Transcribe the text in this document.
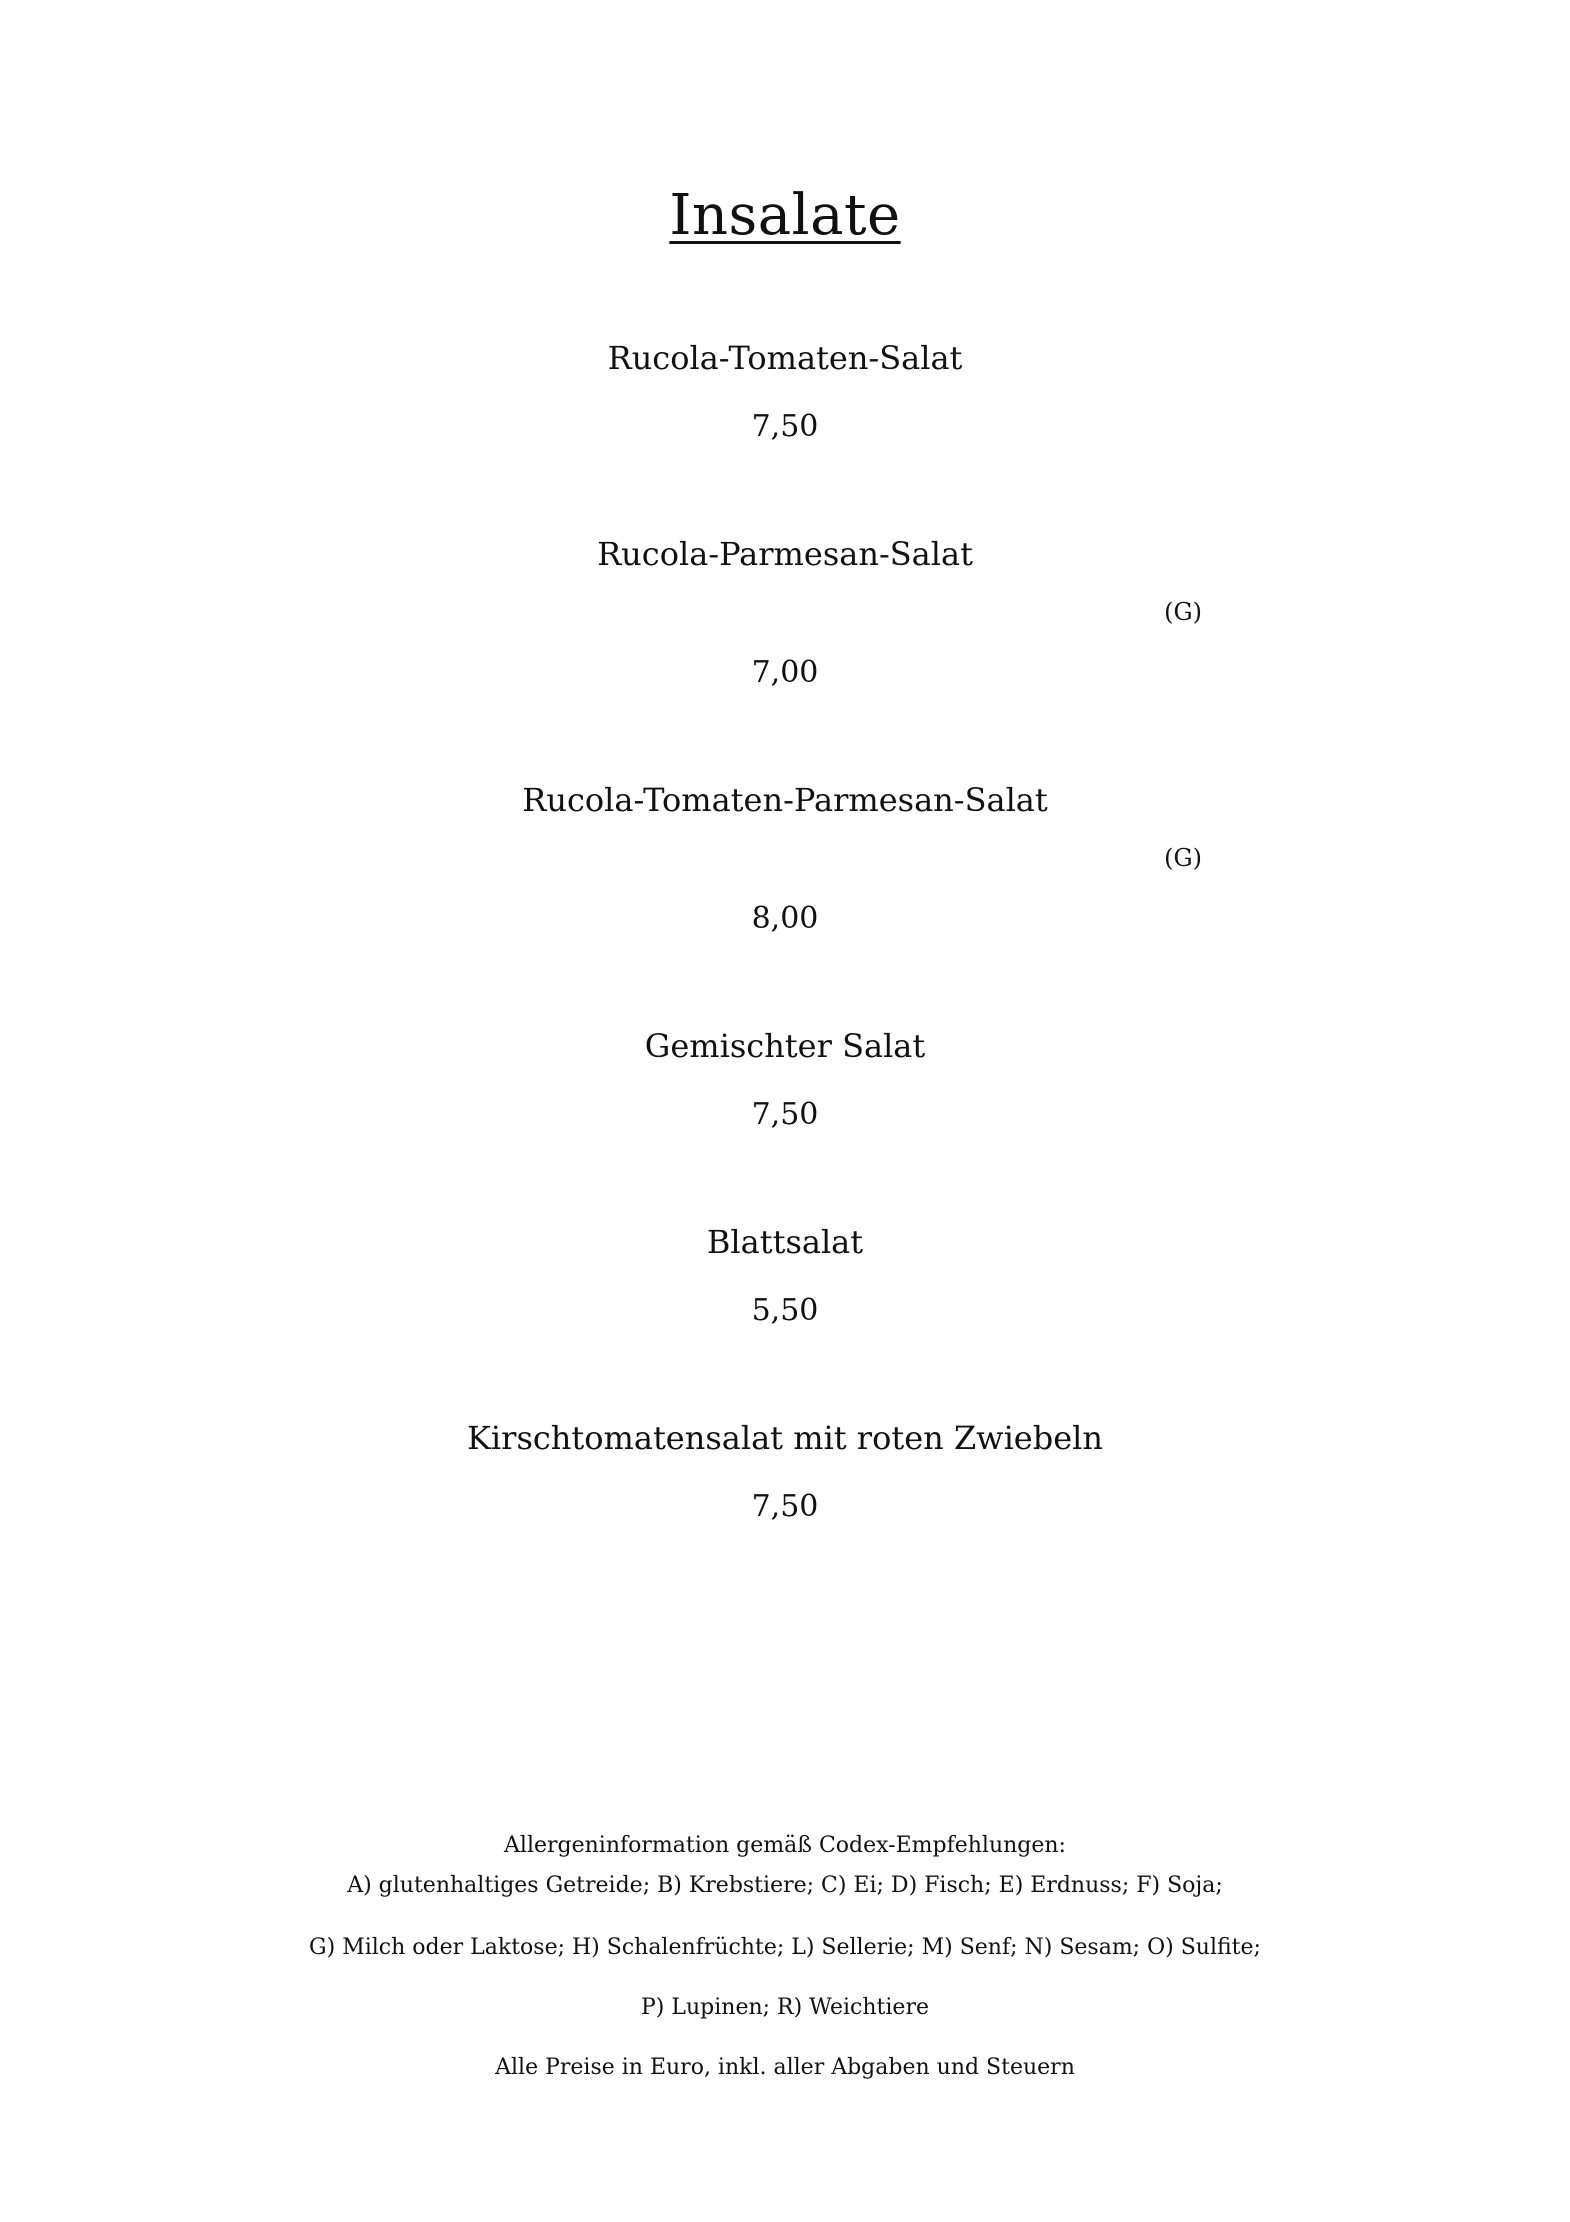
Insalate
Rucola-Tomaten-Salat
7,50
Rucola-Parmesan-Salat
(G)
7,00
Rucola-Tomaten-Parmesan-Salat
(G)
8,00
Gemischter Salat
7,50
Blattsalat
5,50
Kirschtomatensalat mit roten Zwiebeln
7,50
Allergeninformation gemäß Codex-Empfehlungen:
A) glutenhaltiges Getreide; B) Krebstiere; C) Ei; D) Fisch; E) Erdnuss; F) Soja;
G) Milch oder Laktose; H) Schalenfrüchte; L) Sellerie; M) Senf; N) Sesam; O) Sulfite;
P) Lupinen; R) Weichtiere
Alle Preise in Euro, inkl. aller Abgaben und Steuern
